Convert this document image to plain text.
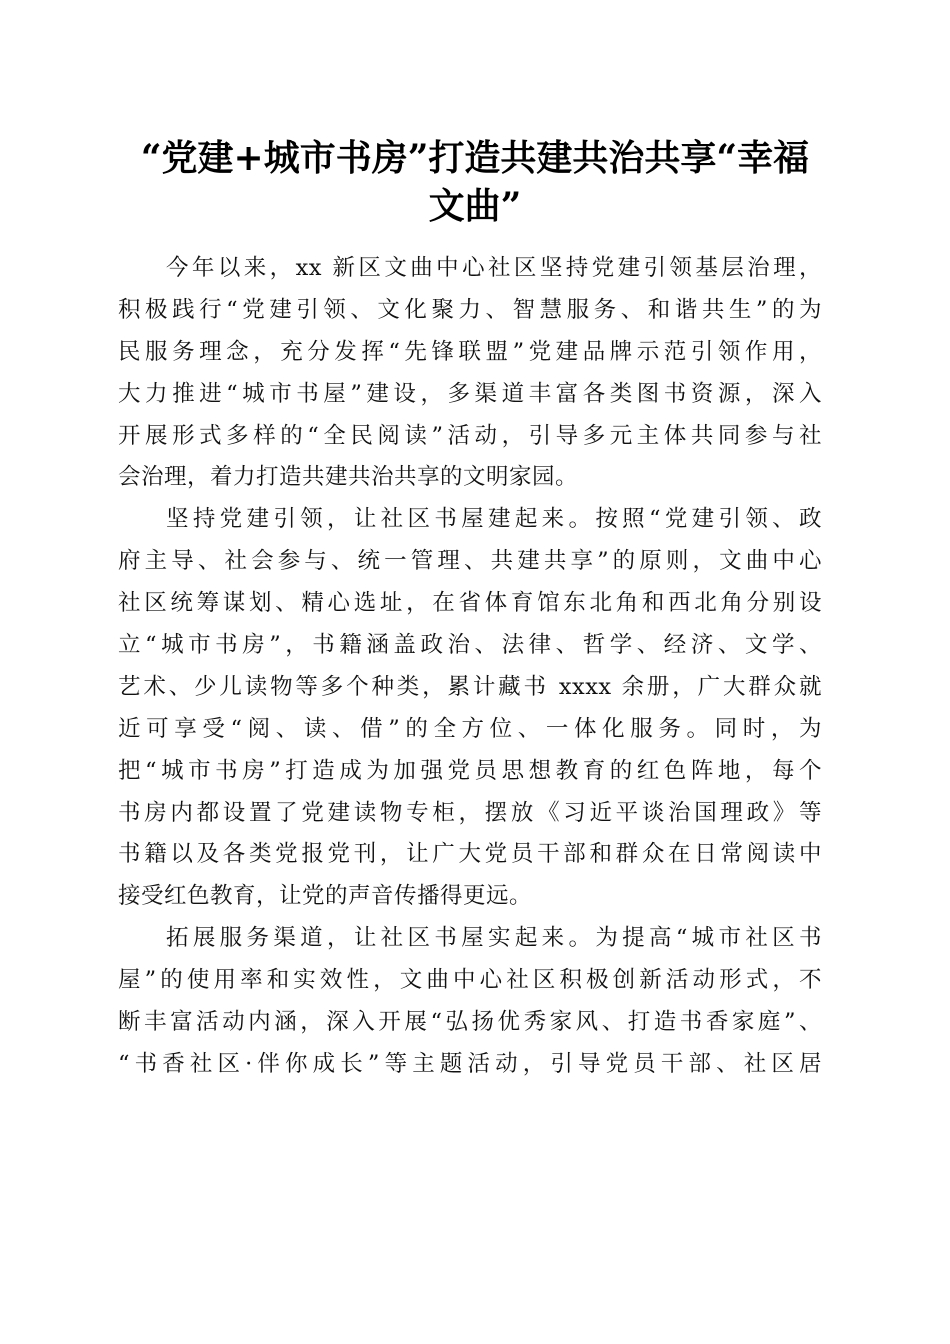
“党建+城市书房”打造共建共治共享“幸福
文曲”

今年以来，xx 新区文曲中心社区坚持党建引领基层治理，
积极践行“党建引领、文化聚力、智慧服务、和谐共生”的为
民服务理念，充分发挥“先锋联盟”党建品牌示范引领作用，
大力推进“城市书屋”建设，多渠道丰富各类图书资源，深入
开展形式多样的“全民阅读”活动，引导多元主体共同参与社
会治理，着力打造共建共治共享的文明家园。

坚持党建引领，让社区书屋建起来。按照“党建引领、政
府主导、社会参与、统一管理、共建共享”的原则，文曲中心
社区统筹谋划、精心选址，在省体育馆东北角和西北角分别设
立“城市书房”，书籍涵盖政治、法律、哲学、经济、文学、
艺术、少儿读物等多个种类，累计藏书 xxxx 余册，广大群众就
近可享受“阅、读、借”的全方位、一体化服务。同时，为
把“城市书房”打造成为加强党员思想教育的红色阵地，每个
书房内都设置了党建读物专柜，摆放《习近平谈治国理政》等
书籍以及各类党报党刊，让广大党员干部和群众在日常阅读中
接受红色教育，让党的声音传播得更远。

拓展服务渠道，让社区书屋实起来。为提高“城市社区书
屋”的使用率和实效性，文曲中心社区积极创新活动形式，不
断丰富活动内涵，深入开展“弘扬优秀家风、打造书香家庭”、
“书香社区·伴你成长”等主题活动，引导党员干部、社区居
